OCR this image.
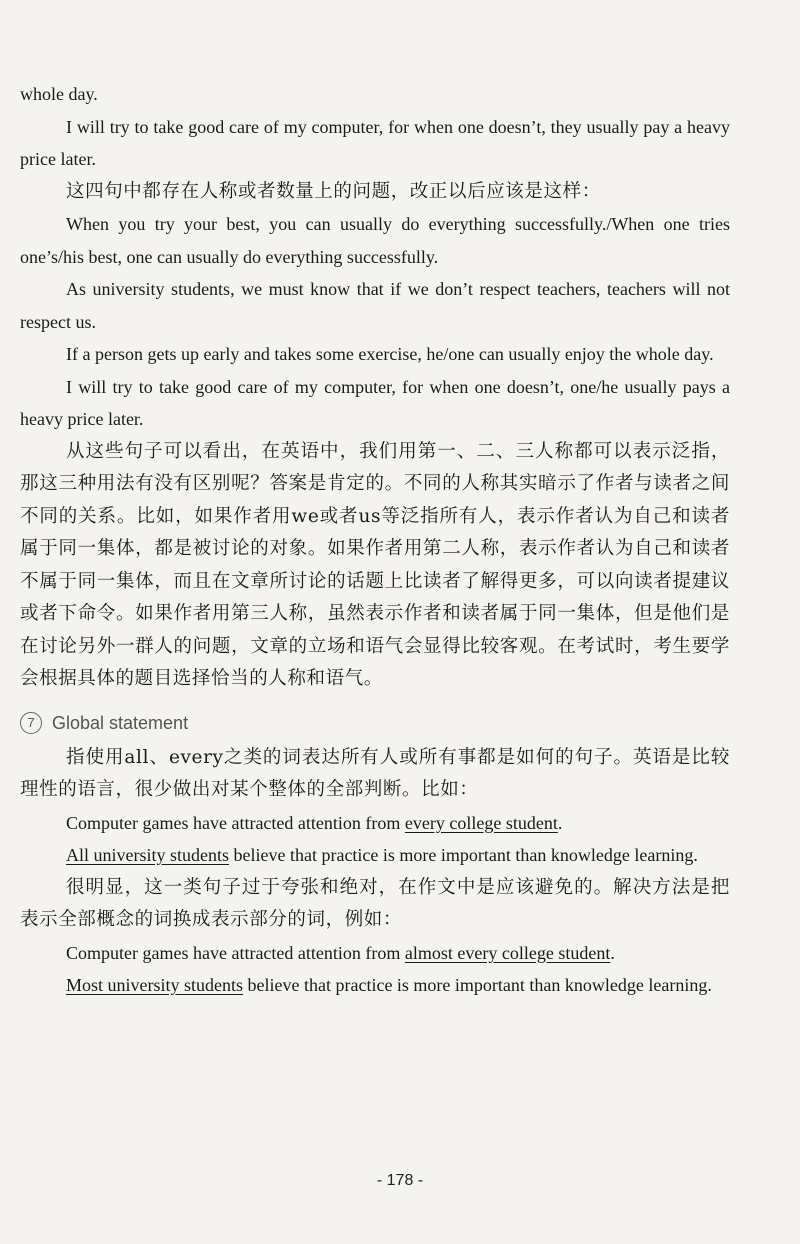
whole day.

I will try to take good care of my computer, for when one doesn’t, they usually pay a heavy price later.

这四句中都存在人称或者数量上的问题，改正以后应该是这样：

When you try your best, you can usually do everything successfully./When one tries one’s/his best, one can usually do everything successfully.

As university students, we must know that if we don’t respect teachers, teachers will not respect us.

If a person gets up early and takes some exercise, he/one can usually enjoy the whole day.

I will try to take good care of my computer, for when one doesn’t, one/he usually pays a heavy price later.

从这些句子可以看出，在英语中，我们用第一、二、三人称都可以表示泛指，那这三种用法有没有区别呢？答案是肯定的。不同的人称其实暗示了作者与读者之间不同的关系。比如，如果作者用we或者us等泛指所有人，表示作者认为自己和读者属于同一集体，都是被讨论的对象。如果作者用第二人称，表示作者认为自己和读者不属于同一集体，而且在文章所讨论的话题上比读者了解得更多，可以向读者提建议或者下命令。如果作者用第三人称，虽然表示作者和读者属于同一集体，但是他们是在讨论另外一群人的问题，文章的立场和语气会显得比较客观。在考试时，考生要学会根据具体的题目选择恰当的人称和语气。

7 Global statement

指使用all、every之类的词表达所有人或所有事都是如何的句子。英语是比较理性的语言，很少做出对某个整体的全部判断。比如：

Computer games have attracted attention from every college student.

All university students believe that practice is more important than knowledge learning.

很明显，这一类句子过于夸张和绝对，在作文中是应该避免的。解决方法是把表示全部概念的词换成表示部分的词，例如：

Computer games have attracted attention from almost every college student.

Most university students believe that practice is more important than knowledge learning.

- 178 -
